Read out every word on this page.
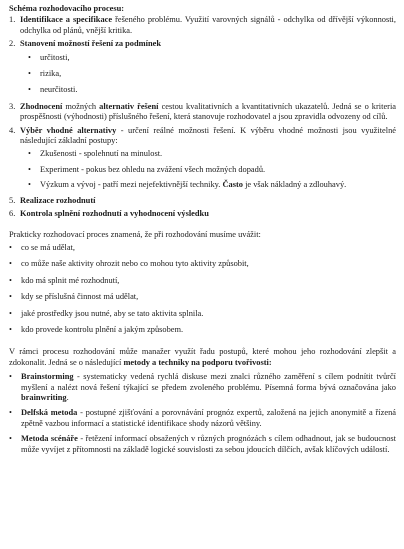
Schéma rozhodovacího procesu:
1. Identifikace a specifikace řešeného problému. Využití varovných signálů - odchylka od dřívější výkonnosti, odchylka od plánů, vnější kritika.
2. Stanovení možností řešení za podmínek
• určitosti,
• rizika,
• neurčitosti.
3. Zhodnocení možných alternativ řešení cestou kvalitativních a kvantitativních ukazatelů. Jedná se o kriteria prospěšnosti (výhodnosti) příslušného řešení, která stanovuje rozhodovatel a jsou zpravidla odvozeny od cílů.
4. Výběr vhodné alternativy - určení reálné možnosti řešení. K výběru vhodné možnosti jsou využitelné následující základní postupy:
• Zkušenosti - spolehnutí na minulost.
• Experiment - pokus bez ohledu na zvážení všech možných dopadů.
• Výzkum a vývoj - patří mezi nejefektivnější techniky. Často je však nákladný a zdlouhavý.
5. Realizace rozhodnutí
6. Kontrola splnění rozhodnutí a vyhodnocení výsledku
Prakticky rozhodovací proces znamená, že při rozhodování musíme uvážit:
• co se má udělat,
• co může naše aktivity ohrozit nebo co mohou tyto aktivity způsobit,
• kdo má splnit mé rozhodnutí,
• kdy se příslušná činnost má udělat,
• jaké prostředky jsou nutné, aby se tato aktivita splnila.
• kdo provede kontrolu plnění a jakým způsobem.
V rámci procesu rozhodování může manažer využít řadu postupů, které mohou jeho rozhodování zlepšit a zdokonalit. Jedná se o následující metody a techniky na podporu tvořivosti:
• Brainstorming - systematicky vedená rychlá diskuse mezi znalci různého zaměření s cílem podnítit tvůrčí myšlení a nalézt nová řešení týkající se předem zvoleného problému. Písemná forma bývá označována jako brainwriting.
• Delfská metoda - postupné zjišťování a porovnávání prognóz expertů, založená na jejich anonymitě a řízená zpětně vazbou informací a statistické identifikace shody názorů většiny.
• Metoda scénáře - řetězení informací obsažených v různých prognózách s cílem odhadnout, jak se budoucnost může vyvíjet z přítomnosti na základě logické souvislosti za sebou jdoucích dílčích, avšak klíčových událostí.
